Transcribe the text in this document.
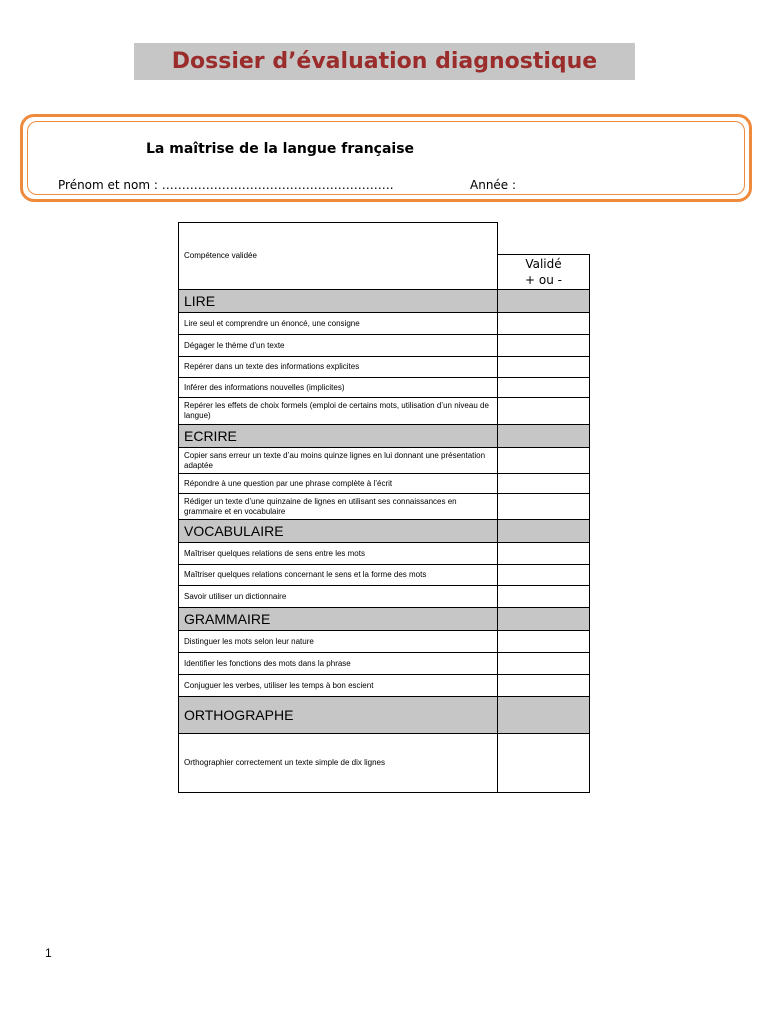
Dossier d’évaluation diagnostique
La maîtrise de la langue française
Prénom et nom : ………………………………………………….	Année :
Compétence validée
Validé
+ ou -
LIRE
Lire seul et comprendre un énoncé, une consigne
Dégager le thème d’un texte
Repérer dans un texte des informations explicites
Inférer des informations nouvelles (implicites)
Repérer les effets de choix formels (emploi de certains mots, utilisation d’un niveau de langue)
ECRIRE
Copier sans erreur un texte d’au moins quinze lignes en lui donnant une présentation adaptée
Répondre à une question par une phrase complète à l’écrit
Rédiger un texte d’une quinzaine de lignes en utilisant ses connaissances en grammaire et en vocabulaire
VOCABULAIRE
Maîtriser quelques relations de sens entre les mots
Maîtriser quelques relations concernant le sens et la forme des mots
Savoir utiliser un dictionnaire
GRAMMAIRE
Distinguer les mots selon leur nature
Identifier les fonctions des mots dans la phrase
Conjuguer les verbes, utiliser les temps à bon escient
ORTHOGRAPHE
Orthographier correctement un texte simple de dix lignes
1
